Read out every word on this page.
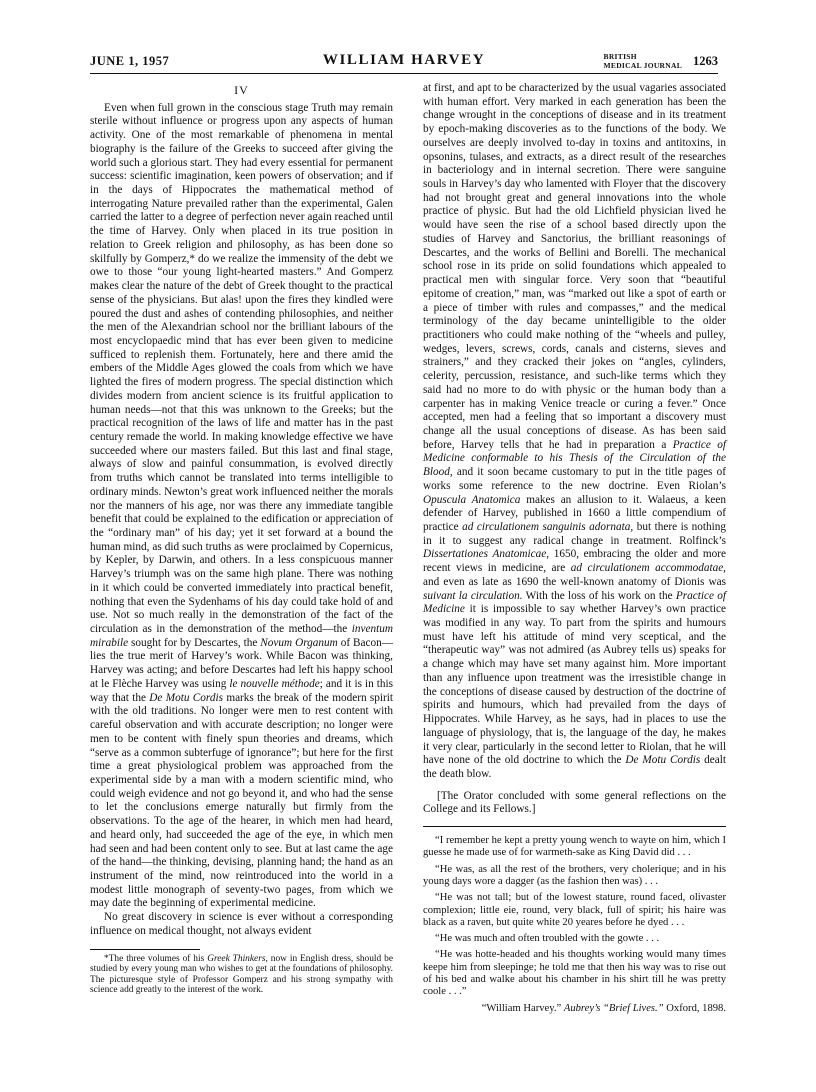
JUNE 1, 1957	WILLIAM HARVEY	BRITISH
MEDICAL JOURNAL 1263
IV

Even when full grown in the conscious stage Truth may remain sterile without influence or progress upon any aspects of human activity. One of the most remarkable of phenomena in mental biography is the failure of the Greeks to succeed after giving the world such a glorious start. They had every essential for permanent success: scientific imagination, keen powers of observation; and if in the days of Hippocrates the mathematical method of interrogating Nature prevailed rather than the experimental, Galen carried the latter to a degree of perfection never again reached until the time of Harvey. Only when placed in its true position in relation to Greek religion and philosophy, as has been done so skilfully by Gomperz,* do we realize the immensity of the debt we owe to those “our young light-hearted masters.” And Gomperz makes clear the nature of the debt of Greek thought to the practical sense of the physicians. But alas! upon the fires they kindled were poured the dust and ashes of contending philosophies, and neither the men of the Alexandrian school nor the brilliant labours of the most encyclopaedic mind that has ever been given to medicine sufficed to replenish them. Fortunately, here and there amid the embers of the Middle Ages glowed the coals from which we have lighted the fires of modern progress. The special distinction which divides modern from ancient science is its fruitful application to human needs—not that this was unknown to the Greeks; but the practical recognition of the laws of life and matter has in the past century remade the world. In making knowledge effective we have succeeded where our masters failed. But this last and final stage, always of slow and painful consummation, is evolved directly from truths which cannot be translated into terms intelligible to ordinary minds. Newton’s great work influenced neither the morals nor the manners of his age, nor was there any immediate tangible benefit that could be explained to the edification or appreciation of the “ordinary man” of his day; yet it set forward at a bound the human mind, as did such truths as were proclaimed by Copernicus, by Kepler, by Darwin, and others. In a less conspicuous manner Harvey’s triumph was on the same high plane. There was nothing in it which could be converted immediately into practical benefit, nothing that even the Sydenhams of his day could take hold of and use. Not so much really in the demonstration of the fact of the circulation as in the demonstration of the method—the inventum mirabile sought for by Descartes, the Novum Organum of Bacon—lies the true merit of Harvey’s work. While Bacon was thinking, Harvey was acting; and before Descartes had left his happy school at le Flèche Harvey was using le nouvelle méthode; and it is in this way that the De Motu Cordis marks the break of the modern spirit with the old traditions. No longer were men to rest content with careful observation and with accurate description; no longer were men to be content with finely spun theories and dreams, which “serve as a common subterfuge of ignorance”; but here for the first time a great physiological problem was approached from the experimental side by a man with a modern scientific mind, who could weigh evidence and not go beyond it, and who had the sense to let the conclusions emerge naturally but firmly from the observations. To the age of the hearer, in which men had heard, and heard only, had succeeded the age of the eye, in which men had seen and had been content only to see. But at last came the age of the hand—the thinking, devising, planning hand; the hand as an instrument of the mind, now reintroduced into the world in a modest little monograph of seventy-two pages, from which we may date the beginning of experimental medicine.

No great discovery in science is ever without a corresponding influence on medical thought, not always evident

*The three volumes of his Greek Thinkers, now in English dress, should be studied by every young man who wishes to get at the foundations of philosophy. The picturesque style of Professor Gomperz and his strong sympathy with science add greatly to the interest of the work.

at first, and apt to be characterized by the usual vagaries associated with human effort. Very marked in each generation has been the change wrought in the conceptions of disease and in its treatment by epoch-making discoveries as to the functions of the body. We ourselves are deeply involved to-day in toxins and antitoxins, in opsonins, tulases, and extracts, as a direct result of the researches in bacteriology and in internal secretion. There were sanguine souls in Harvey’s day who lamented with Floyer that the discovery had not brought great and general innovations into the whole practice of physic. But had the old Lichfield physician lived he would have seen the rise of a school based directly upon the studies of Harvey and Sanctorius, the brilliant reasonings of Descartes, and the works of Bellini and Borelli. The mechanical school rose in its pride on solid foundations which appealed to practical men with singular force. Very soon that “beautiful epitome of creation,” man, was “marked out like a spot of earth or a piece of timber with rules and compasses,” and the medical terminology of the day became unintelligible to the older practitioners who could make nothing of the “wheels and pulley, wedges, levers, screws, cords, canals and cisterns, sieves and strainers,” and they cracked their jokes on “angles, cylinders, celerity, percussion, resistance, and such-like terms which they said had no more to do with physic or the human body than a carpenter has in making Venice treacle or curing a fever.” Once accepted, men had a feeling that so important a discovery must change all the usual conceptions of disease. As has been said before, Harvey tells that he had in preparation a Practice of Medicine conformable to his Thesis of the Circulation of the Blood, and it soon became customary to put in the title pages of works some reference to the new doctrine. Even Riolan’s Opuscula Anatomica makes an allusion to it. Walaeus, a keen defender of Harvey, published in 1660 a little compendium of practice ad circulationem sanguinis adornata, but there is nothing in it to suggest any radical change in treatment. Rolfinck’s Dissertationes Anatomicae, 1650, embracing the older and more recent views in medicine, are ad circulationem accommodatae, and even as late as 1690 the well-known anatomy of Dionis was suivant la circulation. With the loss of his work on the Practice of Medicine it is impossible to say whether Harvey’s own practice was modified in any way. To part from the spirits and humours must have left his attitude of mind very sceptical, and the “therapeutic way” was not admired (as Aubrey tells us) speaks for a change which may have set many against him. More important than any influence upon treatment was the irresistible change in the conceptions of disease caused by destruction of the doctrine of spirits and humours, which had prevailed from the days of Hippocrates. While Harvey, as he says, had in places to use the language of physiology, that is, the language of the day, he makes it very clear, particularly in the second letter to Riolan, that he will have none of the old doctrine to which the De Motu Cordis dealt the death blow.

[The Orator concluded with some general reflections on the College and its Fellows.]

“I remember he kept a pretty young wench to wayte on him, which I guesse he made use of for warmeth-sake as King David did . . .

“He was, as all the rest of the brothers, very cholerique; and in his young days wore a dagger (as the fashion then was) . . .

“He was not tall; but of the lowest stature, round faced, olivaster complexion; little eie, round, very black, full of spirit; his haire was black as a raven, but quite white 20 yeares before he dyed . . .

“He was much and often troubled with the gowte . . .

“He was hotte-headed and his thoughts working would many times keepe him from sleepinge; he told me that then his way was to rise out of his bed and walke about his chamber in his shirt till he was pretty coole . . .”

“William Harvey.” Aubrey’s “Brief Lives.” Oxford, 1898.
